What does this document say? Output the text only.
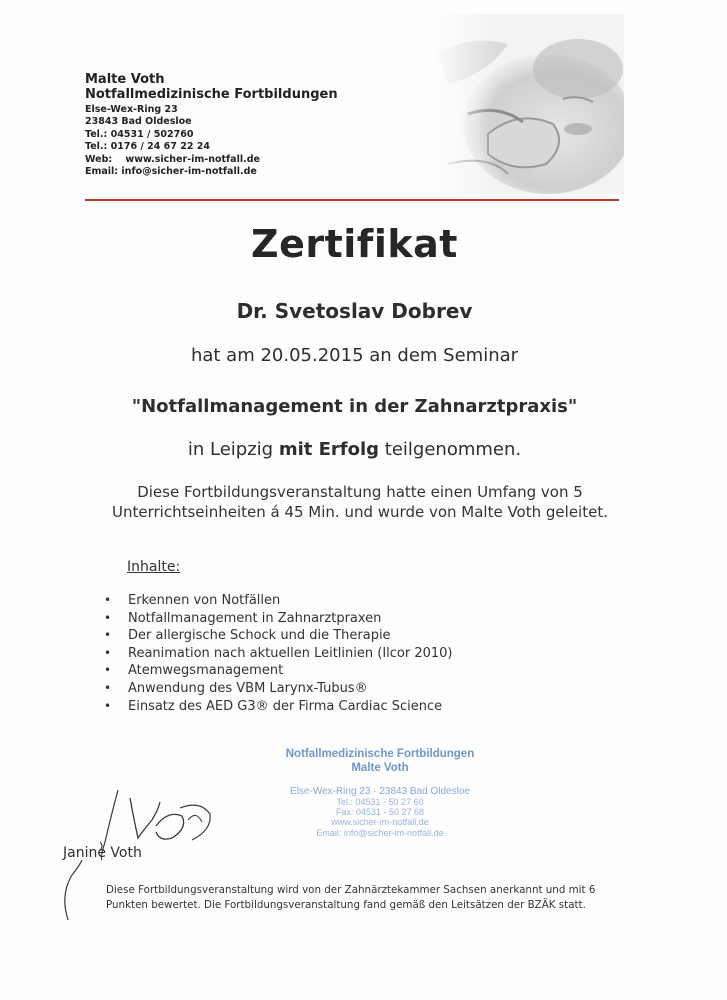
Malte Voth
Notfallmedizinische Fortbildungen
Else-Wex-Ring 23
23843 Bad Oldesloe
Tel.: 04531 / 502760
Tel.: 0176 / 24 67 22 24
Web:    www.sicher-im-notfall.de
Email: info@sicher-im-notfall.de
Zertifikat
Dr. Svetoslav Dobrev
hat am 20.05.2015 an dem Seminar
"Notfallmanagement in der Zahnarztpraxis"
in Leipzig mit Erfolg teilgenommen.
Diese Fortbildungsveranstaltung hatte einen Umfang von 5
Unterrichtseinheiten á 45 Min. und wurde von Malte Voth geleitet.
Inhalte:
• Erkennen von Notfällen
• Notfallmanagement in Zahnarztpraxen
• Der allergische Schock und die Therapie
• Reanimation nach aktuellen Leitlinien (Ilcor 2010)
• Atemwegsmanagement
• Anwendung des VBM Larynx-Tubus®
• Einsatz des AED G3® der Firma Cardiac Science
Notfallmedizinische Fortbildungen
Malte Voth
Else-Wex-Ring 23 · 23843 Bad Oldesloe
Tel.: 04531 - 50 27 60
Fax: 04531 - 50 27 68
www.sicher-im-notfall.de
Email: info@sicher-im-notfall.de
Janine Voth
Diese Fortbildungsveranstaltung wird von der Zahnärztekammer Sachsen anerkannt und mit 6
Punkten bewertet. Die Fortbildungsveranstaltung fand gemäß den Leitsätzen der BZÄK statt.
